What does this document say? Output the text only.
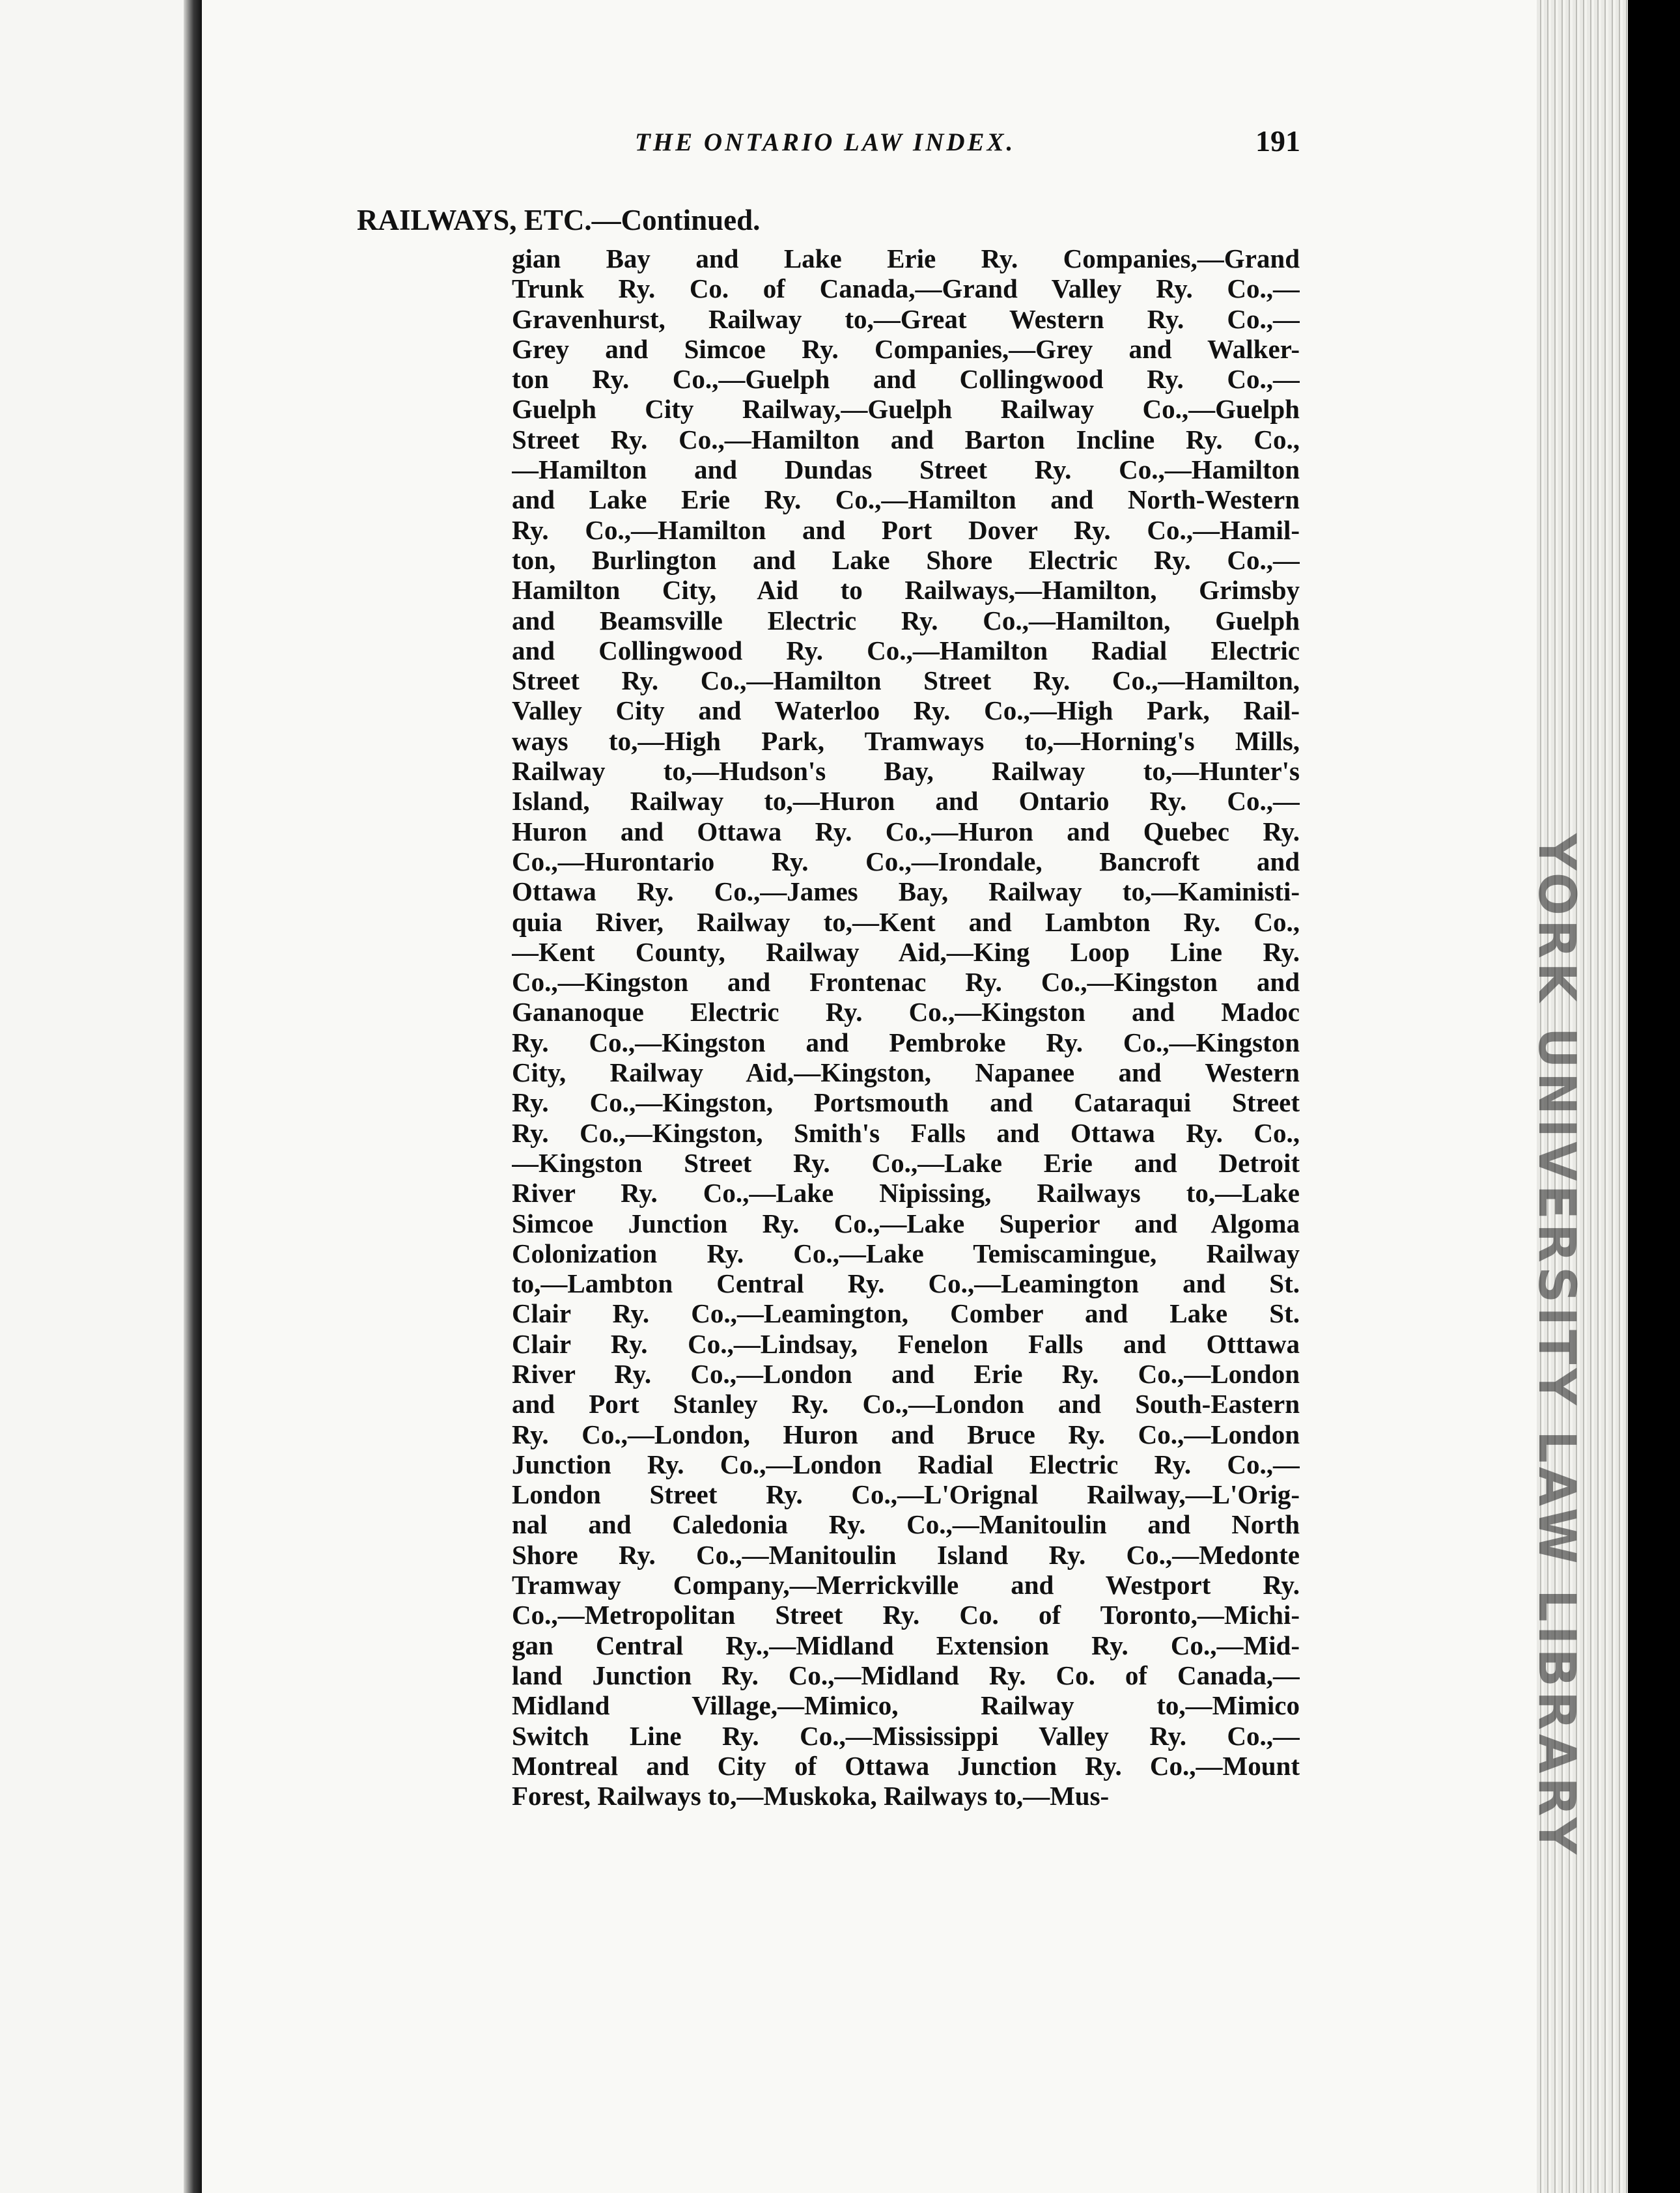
YORK UNIVERSITY LAW LIBRARY
THE ONTARIO LAW INDEX.	191
RAILWAYS, ETC.—Continued.
gian Bay and Lake Erie Ry. Companies,—Grand
Trunk Ry. Co. of Canada,—Grand Valley Ry. Co.,—
Gravenhurst, Railway to,—Great Western Ry. Co.,—
Grey and Simcoe Ry. Companies,—Grey and Walker-
ton Ry. Co.,—Guelph and Collingwood Ry. Co.,—
Guelph City Railway,—Guelph Railway Co.,—Guelph
Street Ry. Co.,—Hamilton and Barton Incline Ry. Co.,
—Hamilton and Dundas Street Ry. Co.,—Hamilton
and Lake Erie Ry. Co.,—Hamilton and North-Western
Ry. Co.,—Hamilton and Port Dover Ry. Co.,—Hamil-
ton, Burlington and Lake Shore Electric Ry. Co.,—
Hamilton City, Aid to Railways,—Hamilton, Grimsby
and Beamsville Electric Ry. Co.,—Hamilton, Guelph
and Collingwood Ry. Co.,—Hamilton Radial Electric
Street Ry. Co.,—Hamilton Street Ry. Co.,—Hamilton,
Valley City and Waterloo Ry. Co.,—High Park, Rail-
ways to,—High Park, Tramways to,—Horning's Mills,
Railway to,—Hudson's Bay, Railway to,—Hunter's
Island, Railway to,—Huron and Ontario Ry. Co.,—
Huron and Ottawa Ry. Co.,—Huron and Quebec Ry.
Co.,—Hurontario Ry. Co.,—Irondale, Bancroft and
Ottawa Ry. Co.,—James Bay, Railway to,—Kaministi-
quia River, Railway to,—Kent and Lambton Ry. Co.,
—Kent County, Railway Aid,—King Loop Line Ry.
Co.,—Kingston and Frontenac Ry. Co.,—Kingston and
Gananoque Electric Ry. Co.,—Kingston and Madoc
Ry. Co.,—Kingston and Pembroke Ry. Co.,—Kingston
City, Railway Aid,—Kingston, Napanee and Western
Ry. Co.,—Kingston, Portsmouth and Cataraqui Street
Ry. Co.,—Kingston, Smith's Falls and Ottawa Ry. Co.,
—Kingston Street Ry. Co.,—Lake Erie and Detroit
River Ry. Co.,—Lake Nipissing, Railways to,—Lake
Simcoe Junction Ry. Co.,—Lake Superior and Algoma
Colonization Ry. Co.,—Lake Temiscamingue, Railway
to,—Lambton Central Ry. Co.,—Leamington and St.
Clair Ry. Co.,—Leamington, Comber and Lake St.
Clair Ry. Co.,—Lindsay, Fenelon Falls and Otttawa
River Ry. Co.,—London and Erie Ry. Co.,—London
and Port Stanley Ry. Co.,—London and South-Eastern
Ry. Co.,—London, Huron and Bruce Ry. Co.,—London
Junction Ry. Co.,—London Radial Electric Ry. Co.,—
London Street Ry. Co.,—L'Orignal Railway,—L'Orig-
nal and Caledonia Ry. Co.,—Manitoulin and North
Shore Ry. Co.,—Manitoulin Island Ry. Co.,—Medonte
Tramway Company,—Merrickville and Westport Ry.
Co.,—Metropolitan Street Ry. Co. of Toronto,—Michi-
gan Central Ry.,—Midland Extension Ry. Co.,—Mid-
land Junction Ry. Co.,—Midland Ry. Co. of Canada,—
Midland Village,—Mimico, Railway to,—Mimico
Switch Line Ry. Co.,—Mississippi Valley Ry. Co.,—
Montreal and City of Ottawa Junction Ry. Co.,—Mount
Forest, Railways to,—Muskoka, Railways to,—Mus-
